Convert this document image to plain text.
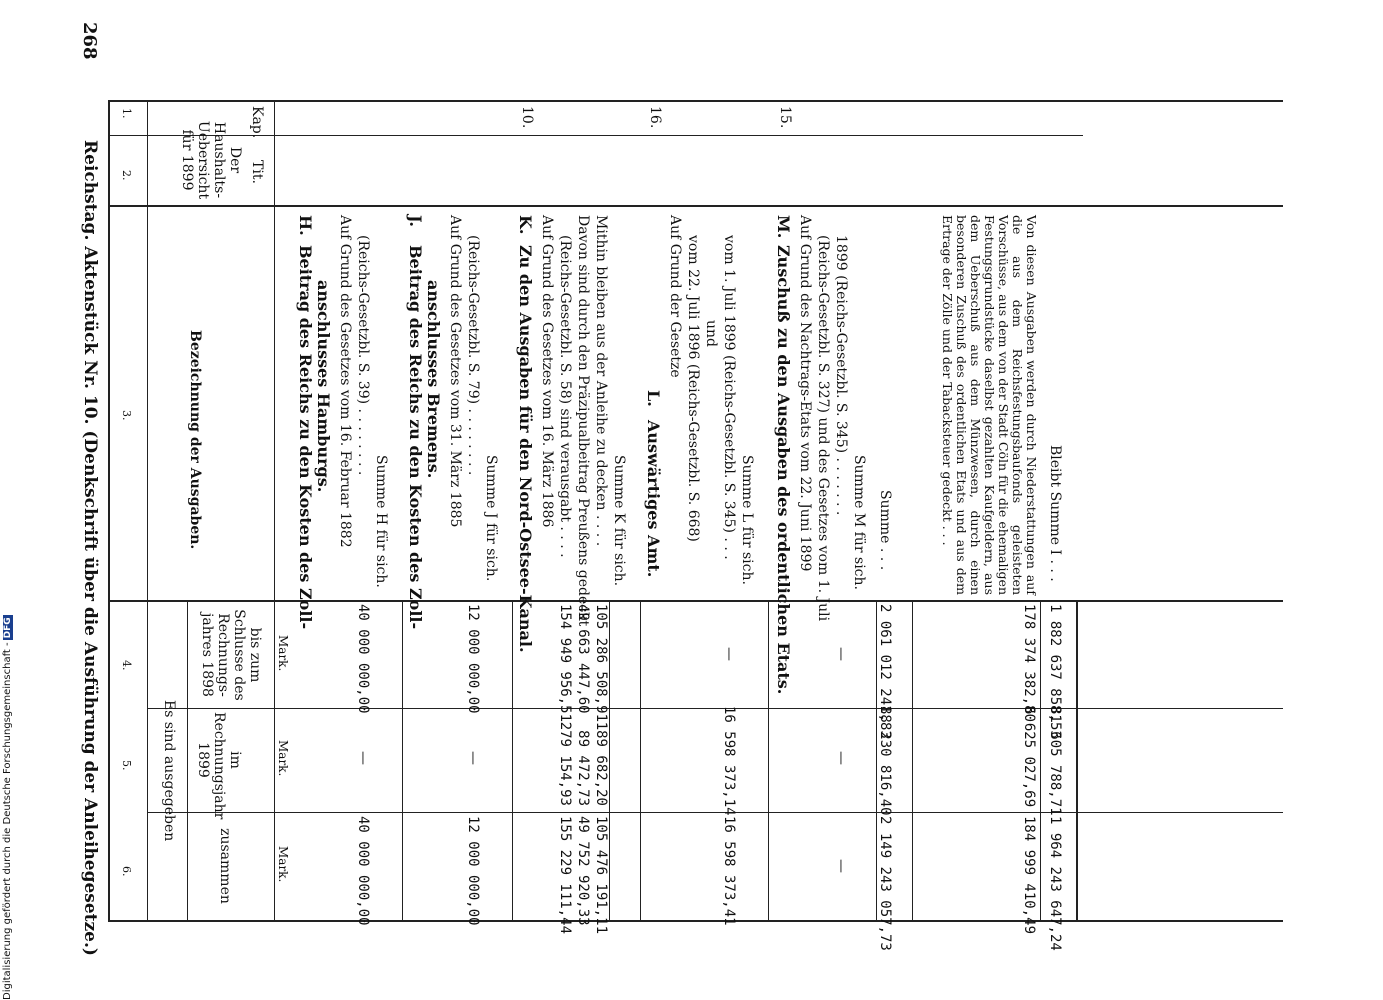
268
Reichstag. Aktenstück Nr. 10. (Denkschrift über die Ausführung der Anleihegesetze.)
1.
2.
3.
4.
5.
6.
Der Haushalts-Uebersicht für 1899
Kap.
Tit.
Bezeichnung der Ausgaben.
Es sind ausgegeben
bis zum Schlusse des Rechnungs-jahres 1898
im Rechnungsjahr 1899
zusammen
Mark.
Mark.
Mark.
H.
Beitrag des Reichs zu den Kosten des Zoll- anschlusses Hamburgs. Auf Grund des Gesetzes vom 16. Februar 1882 (Reichs-Gesetzbl. S. 39) . . . . . . . .
Summe H für sich.
40 000 000,00
—
40 000 000,00
J.
Beitrag des Reichs zu den Kosten des Zoll- anschlusses Bremens. Auf Grund des Gesetzes vom 31. März 1885 (Reichs-Gesetzbl. S. 79) . . . . . . . .
Summe J für sich.
12 000 000,00
—
12 000 000,00
10.
K.
Zu den Ausgaben für den Nord-Ostsee-Kanal. Auf Grund des Gesetzes vom 16. März 1886 (Reichs-Gesetzbl. S. 58) sind verausgabt . . . . Davon sind durch den Präzipualbeitrag Preußens gedeckt Mithin bleiben aus der Anleihe zu decken . . . . Summe K für sich.
154 949 956,51 49 663 447,60 105 286 508,91
279 154,93 89 472,73 189 682,20
155 229 111,44 49 752 920,33 105 476 191,11
16.
L.
Auswärtiges Amt.
Auf Grund der Gesetze vom 22. Juli 1896 (Reichs-Gesetzbl. S. 668) und vom 1. Juli 1899 (Reichs-Gesetzbl. S. 345) . . . Summe L für sich.
—
16 598 373,14
16 598 373,41
15.
M.
Zuschuß zu den Ausgaben des ordentlichen Etats. Auf Grund des Nachtrags-Etats vom 22. Juni 1899 (Reichs-Gesetzbl. S. 327) und des Gesetzes vom 1. Juli 1899 (Reichs-Gesetzbl. S. 345) . . . . . . .
Summe M für sich.
—
—
—
Summe . . .
2 061 012 241,83
88 230 816,40
2 149 243 057,73
Von diesen Ausgaben werden durch Niederstattungen auf die aus dem Reichsfestungsbaufonds geleisteten Vorschüsse, aus dem von der Stadt Cöln für die ehemaligen Festungsgrundstücke daselbst gezahlten Kaufgeldern, aus dem Ueberschuß aus dem Münzwesen, durch einen besonderen Zuschuß des ordentlichen Etats und aus dem Ertrage der Zölle und der Tabacksteuer gedeckt . . .
178 374 382,80
6 625 027,69
184 999 410,49
Bleibt Summe I . . .
1 882 637 858,53
81 605 788,71
1 964 243 647,24
Digitalisierung gefördert durch die Deutsche Forschungsgemeinschaft -DFG
